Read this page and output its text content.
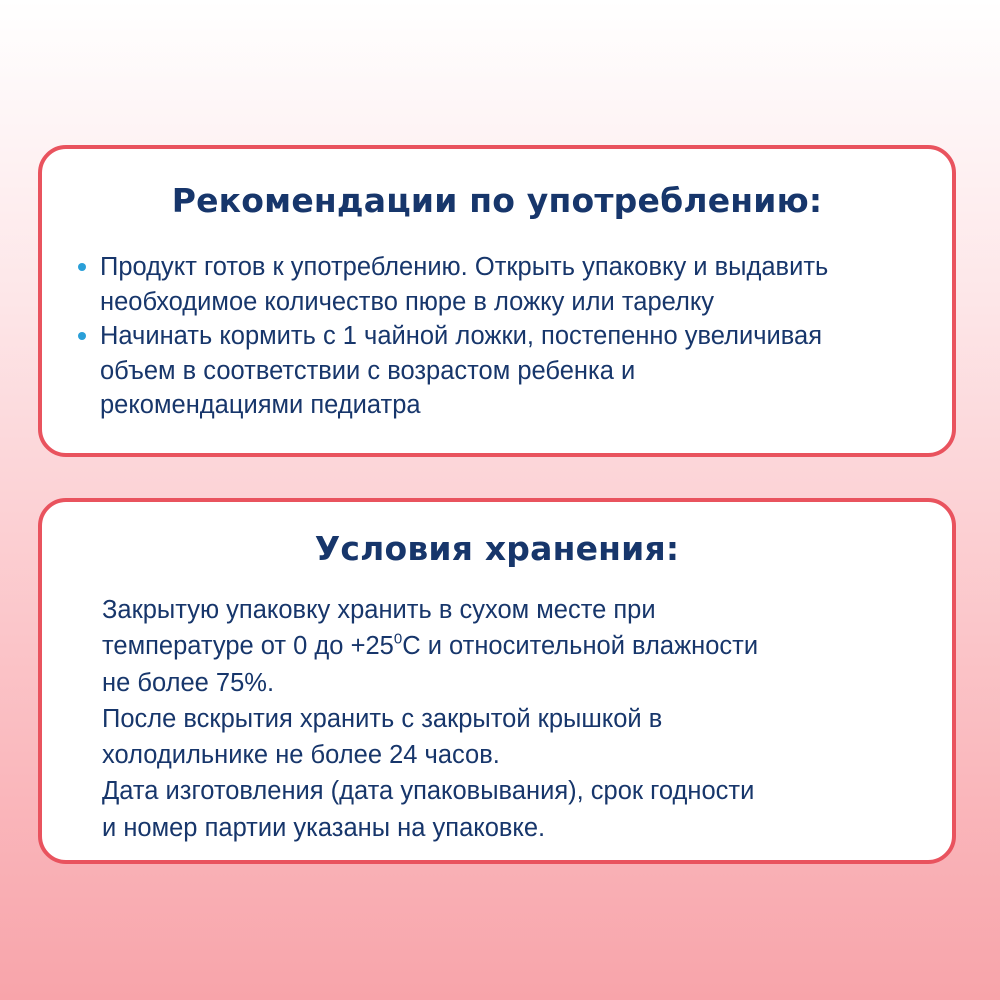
Рекомендации по употреблению:
Продукт готов к употреблению. Открыть упаковку и выдавить
необходимое количество пюре в ложку или тарелку
Начинать кормить с 1 чайной ложки, постепенно увеличивая
объем в соответствии с возрастом ребенка и
рекомендациями педиатра
Условия хранения:
Закрытую упаковку хранить в сухом месте при
температуре от 0 до $+25^0С$ и относительной влажности
не более 75%.
После вскрытия хранить с закрытой крышкой в
холодильнике не более 24 часов.
Дата изготовления (дата упаковывания), срок годности
и номер партии указаны на упаковке.
